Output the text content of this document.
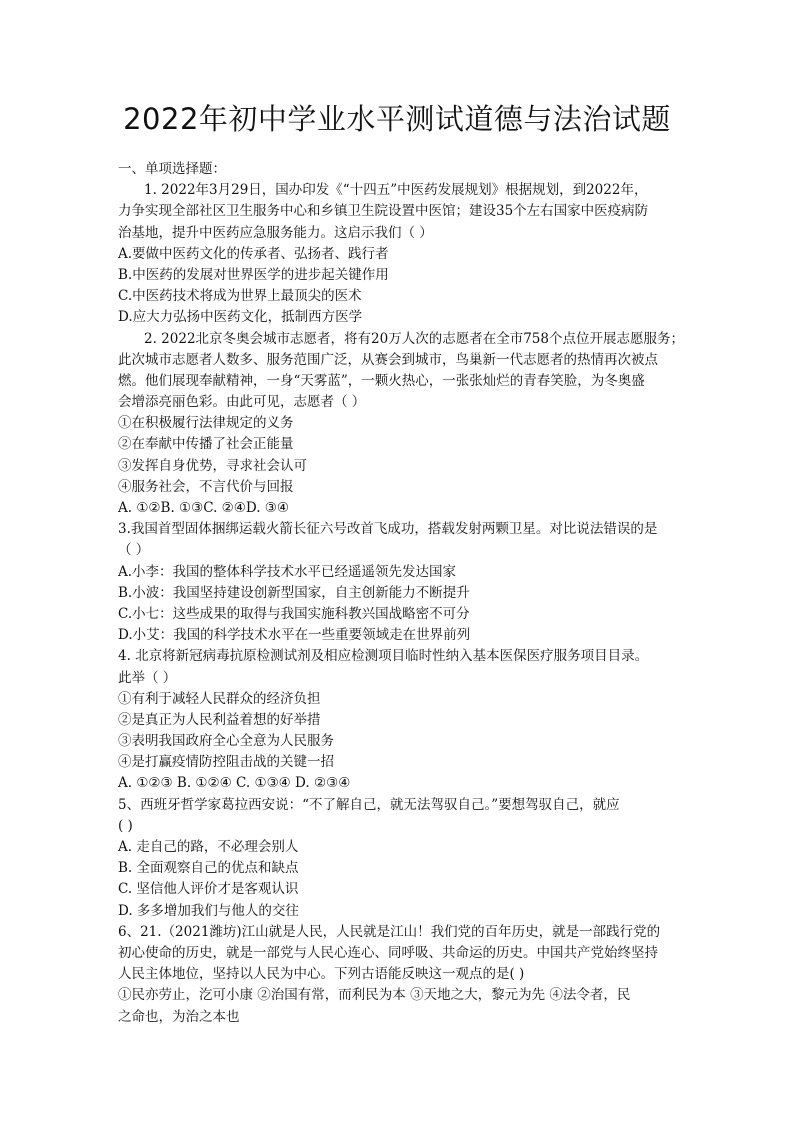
2022年初中学业水平测试道德与法治试题
一、单项选择题：
1. 2022年3月29日，国办印发《“十四五”中医药发展规划》根据规划，到2022年，
力争实现全部社区卫生服务中心和乡镇卫生院设置中医馆；建设35个左右国家中医疫病防
治基地，提升中医药应急服务能力。这启示我们（ ）
A.要做中医药文化的传承者、弘扬者、践行者
B.中医药的发展对世界医学的进步起关键作用
C.中医药技术将成为世界上最顶尖的医术
D.应大力弘扬中医药文化，抵制西方医学
2. 2022北京冬奥会城市志愿者，将有20万人次的志愿者在全市758个点位开展志愿服务；
此次城市志愿者人数多、服务范围广泛，从赛会到城市，鸟巢新一代志愿者的热情再次被点
燃。他们展现奉献精神，一身“天雾蓝”，一颗火热心，一张张灿烂的青春笑脸，为冬奥盛
会增添亮丽色彩。由此可见，志愿者（ ）
①在积极履行法律规定的义务
②在奉献中传播了社会正能量
③发挥自身优势，寻求社会认可
④服务社会，不言代价与回报
A. ①②B. ①③C. ②④D. ③④
3.我国首型固体捆绑运载火箭长征六号改首飞成功，搭载发射两颗卫星。对比说法错误的是
（ ）
A.小李：我国的整体科学技术水平已经遥遥领先发达国家
B.小波：我国坚持建设创新型国家，自主创新能力不断提升
C.小七：这些成果的取得与我国实施科教兴国战略密不可分
D.小艾：我国的科学技术水平在一些重要领域走在世界前列
4. 北京将新冠病毒抗原检测试剂及相应检测项目临时性纳入基本医保医疗服务项目目录。
此举（ ）
①有利于减轻人民群众的经济负担
②是真正为人民利益着想的好举措
③表明我国政府全心全意为人民服务
④是打赢疫情防控阻击战的关键一招
A. ①②③ B. ①②④ C. ①③④ D. ②③④
5、西班牙哲学家葛拉西安说：“不了解自己，就无法驾驭自己。”要想驾驭自己，就应
( )
A. 走自己的路，不必理会别人
B. 全面观察自己的优点和缺点
C. 坚信他人评价才是客观认识
D. 多多增加我们与他人的交往
6、21.（2021潍坊)江山就是人民，人民就是江山！我们党的百年历史，就是一部践行党的
初心使命的历史，就是一部党与人民心连心、同呼吸、共命运的历史。中国共产党始终坚持
人民主体地位，坚持以人民为中心。下列古语能反映这一观点的是( )
①民亦劳止，汔可小康 ②治国有常，而利民为本 ③天地之大，黎元为先 ④法令者，民
之命也，为治之本也
